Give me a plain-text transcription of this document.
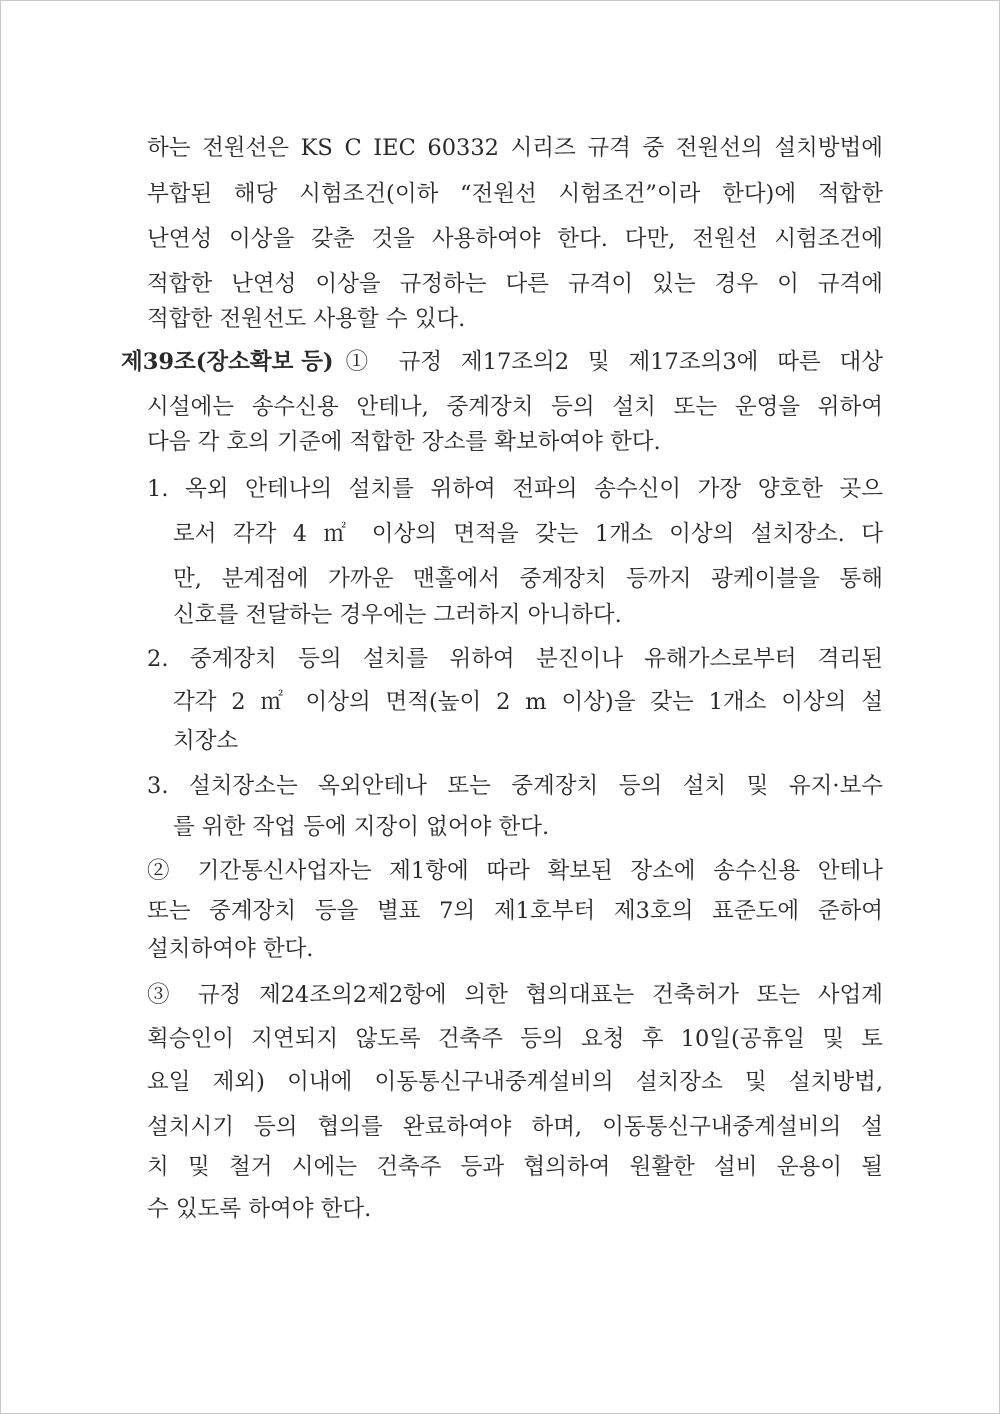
하는 전원선은 KS C IEC 60332 시리즈 규격 중 전원선의 설치방법에
부합된 해당 시험조건(이하 “전원선 시험조건”이라 한다)에 적합한
난연성 이상을 갖춘 것을 사용하여야 한다. 다만, 전원선 시험조건에
적합한 난연성 이상을 규정하는 다른 규격이 있는 경우 이 규격에
적합한 전원선도 사용할 수 있다.
제39조(장소확보 등) ① 규정 제17조의2 및 제17조의3에 따른 대상
시설에는 송수신용 안테나, 중계장치 등의 설치 또는 운영을 위하여
다음 각 호의 기준에 적합한 장소를 확보하여야 한다.
1. 옥외 안테나의 설치를 위하여 전파의 송수신이 가장 양호한 곳으
로서 각각 4 ㎡ 이상의 면적을 갖는 1개소 이상의 설치장소. 다
만, 분계점에 가까운 맨홀에서 중계장치 등까지 광케이블을 통해
신호를 전달하는 경우에는 그러하지 아니하다.
2. 중계장치 등의 설치를 위하여 분진이나 유해가스로부터 격리된
각각 2 ㎡ 이상의 면적(높이 2 m 이상)을 갖는 1개소 이상의 설
치장소
3. 설치장소는 옥외안테나 또는 중계장치 등의 설치 및 유지·보수
를 위한 작업 등에 지장이 없어야 한다.
② 기간통신사업자는 제1항에 따라 확보된 장소에 송수신용 안테나
또는 중계장치 등을 별표 7의 제1호부터 제3호의 표준도에 준하여
설치하여야 한다.
③ 규정 제24조의2제2항에 의한 협의대표는 건축허가 또는 사업계
획승인이 지연되지 않도록 건축주 등의 요청 후 10일(공휴일 및 토
요일 제외) 이내에 이동통신구내중계설비의 설치장소 및 설치방법,
설치시기 등의 협의를 완료하여야 하며, 이동통신구내중계설비의 설
치 및 철거 시에는 건축주 등과 협의하여 원활한 설비 운용이 될
수 있도록 하여야 한다.
